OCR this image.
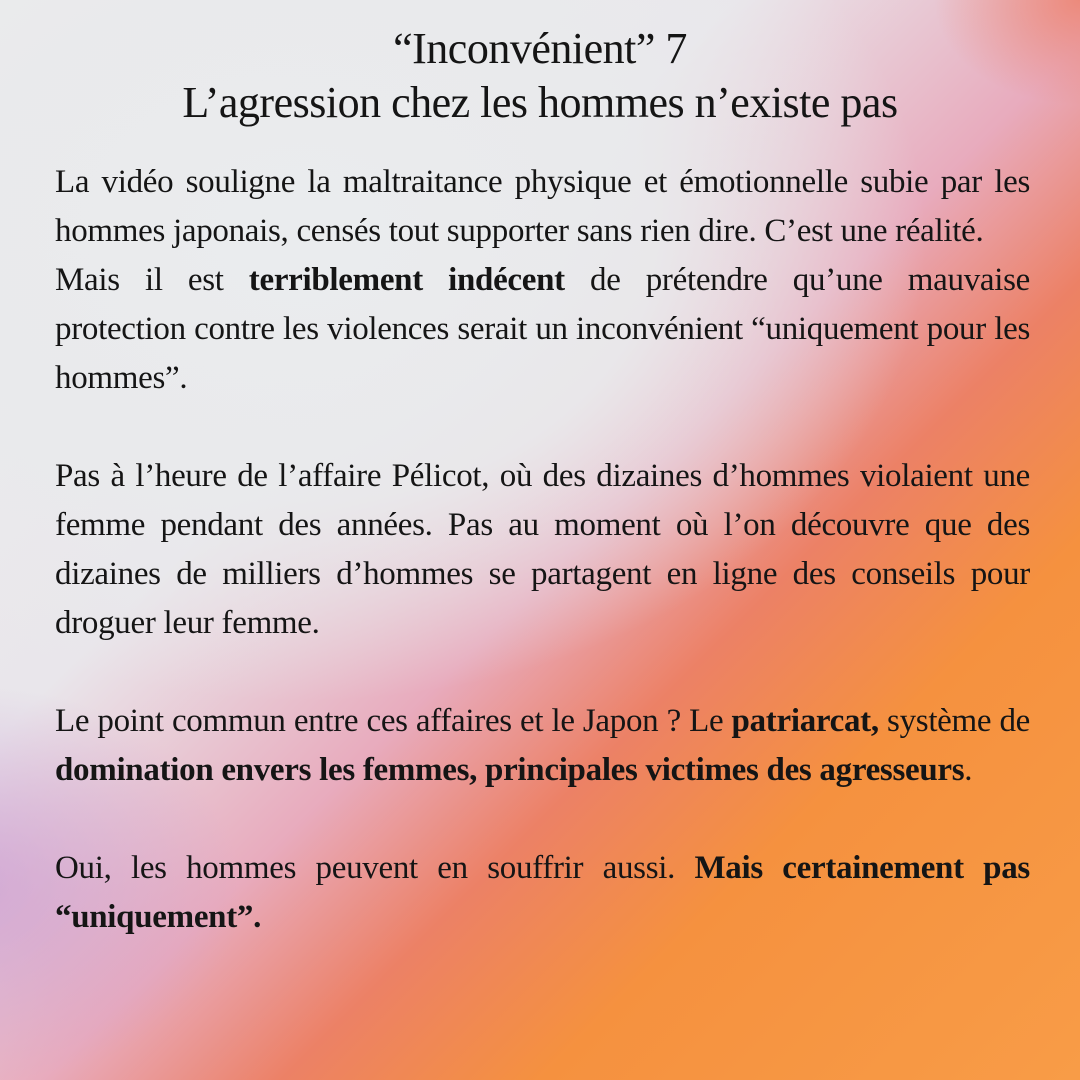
“Inconvénient” 7
L’agression chez les hommes n’existe pas

La vidéo souligne la maltraitance physique et émotionnelle subie par les hommes japonais, censés tout supporter sans rien dire. C’est une réalité.

Mais il est terriblement indécent de prétendre qu’une mauvaise protection contre les violences serait un inconvénient “uniquement pour les hommes”.

Pas à l’heure de l’affaire Pélicot, où des dizaines d’hommes violaient une femme pendant des années. Pas au moment où l’on découvre que des dizaines de milliers d’hommes se partagent en ligne des conseils pour droguer leur femme.

Le point commun entre ces affaires et le Japon ? Le patriarcat, système de domination envers les femmes, principales victimes des agresseurs.

Oui, les hommes peuvent en souffrir aussi. Mais certainement pas “uniquement”.
